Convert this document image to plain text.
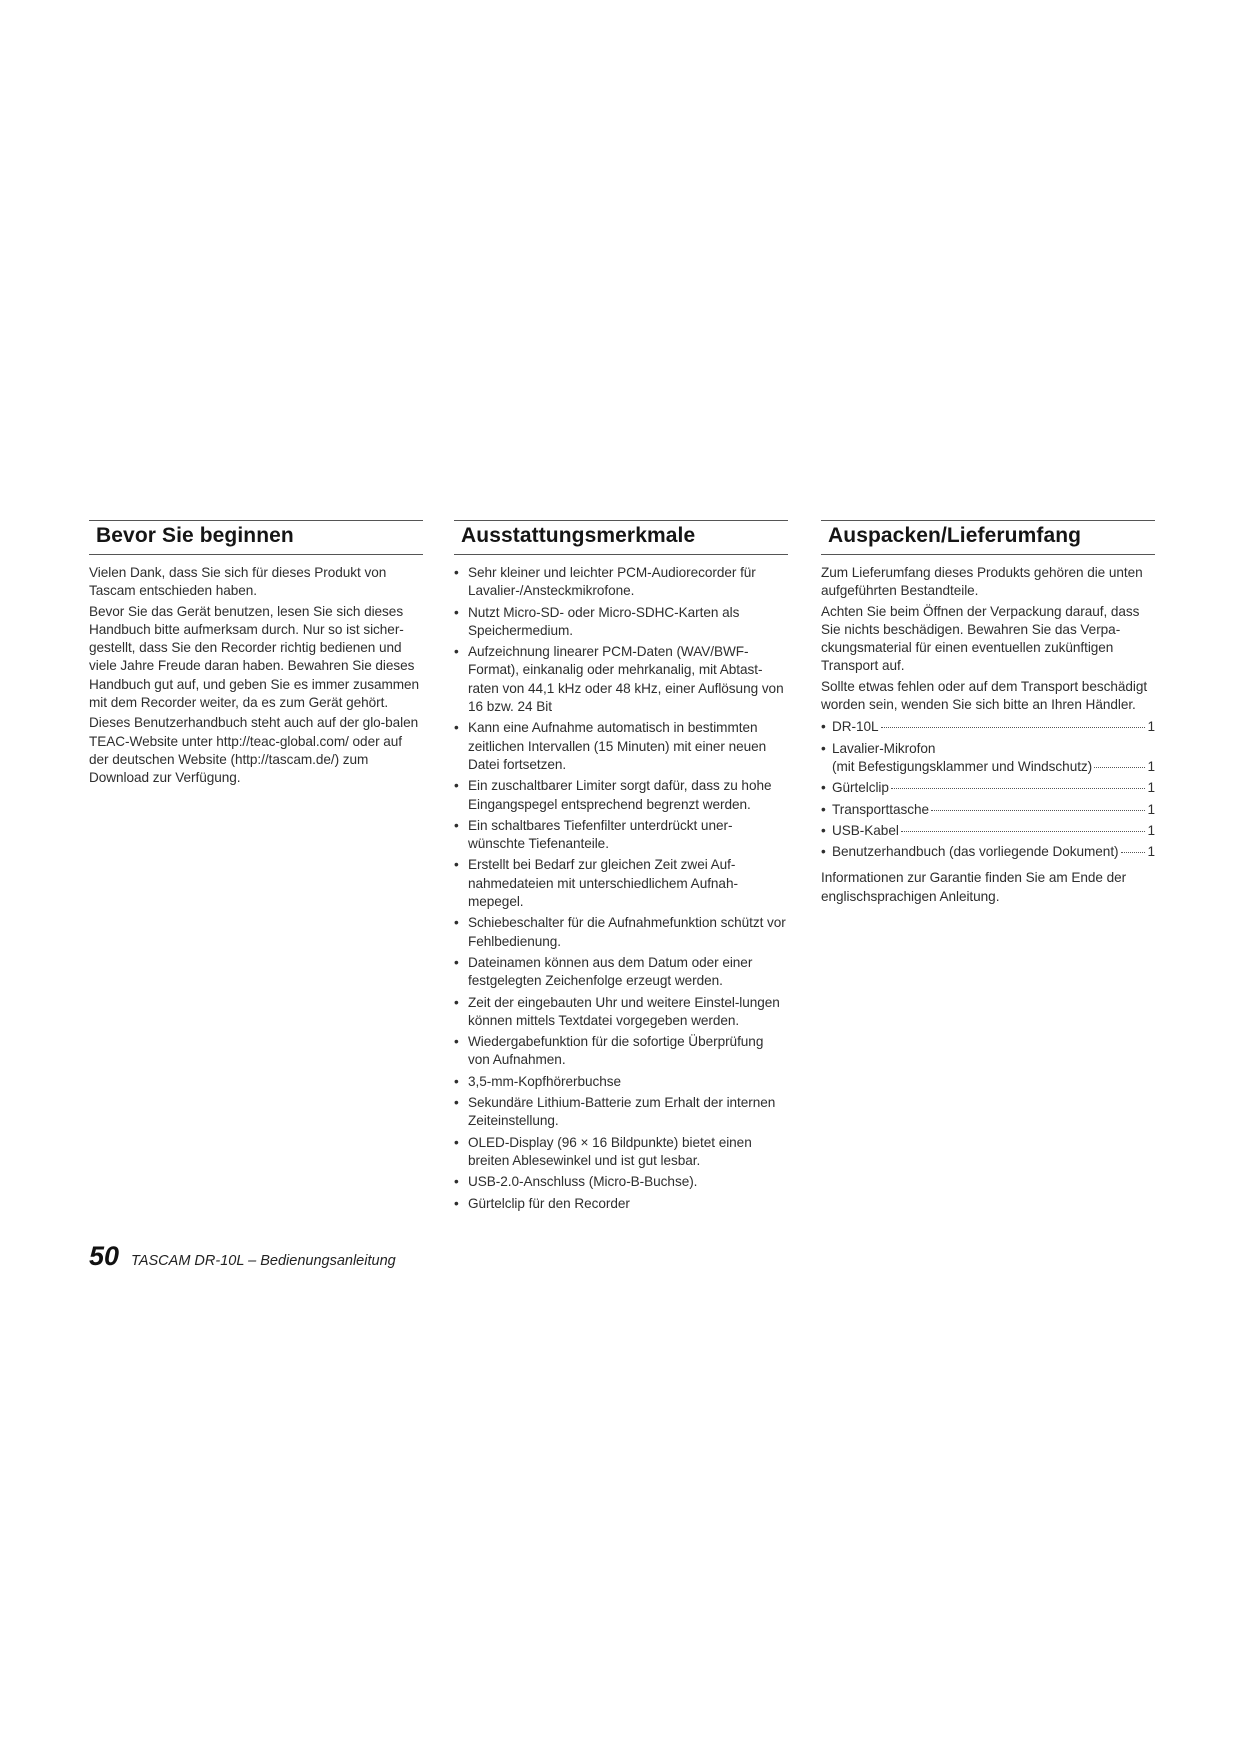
Bevor Sie beginnen

Vielen Dank, dass Sie sich für dieses Produkt von Tascam entschieden haben.

Bevor Sie das Gerät benutzen, lesen Sie sich dieses Handbuch bitte aufmerksam durch. Nur so ist sicher-gestellt, dass Sie den Recorder richtig bedienen und viele Jahre Freude daran haben. Bewahren Sie dieses Handbuch gut auf, und geben Sie es immer zusammen mit dem Recorder weiter, da es zum Gerät gehört.

Dieses Benutzerhandbuch steht auch auf der glo-balen TEAC-Website unter http://teac-global.com/ oder auf der deutschen Website (http://tascam.de/) zum Download zur Verfügung.

Ausstattungsmerkmale
• Sehr kleiner und leichter PCM-Audiorecorder für Lavalier-/Ansteckmikrofone.
• Nutzt Micro-SD- oder Micro-SDHC-Karten als Speichermedium.
• Aufzeichnung linearer PCM-Daten (WAV/BWF-Format), einkanalig oder mehrkanalig, mit Abtast-raten von 44,1 kHz oder 48 kHz, einer Auflösung von 16 bzw. 24 Bit
• Kann eine Aufnahme automatisch in bestimmten zeitlichen Intervallen (15 Minuten) mit einer neuen Datei fortsetzen.
• Ein zuschaltbarer Limiter sorgt dafür, dass zu hohe Eingangspegel entsprechend begrenzt werden.
• Ein schaltbares Tiefenfilter unterdrückt uner-wünschte Tiefenanteile.
• Erstellt bei Bedarf zur gleichen Zeit zwei Auf-nahmedateien mit unterschiedlichem Aufnah-mepegel.
• Schiebeschalter für die Aufnahmefunktion schützt vor Fehlbedienung.
• Dateinamen können aus dem Datum oder einer festgelegten Zeichenfolge erzeugt werden.
• Zeit der eingebauten Uhr und weitere Einstel-lungen können mittels Textdatei vorgegeben werden.
• Wiedergabefunktion für die sofortige Überprüfung von Aufnahmen.
• 3,5-mm-Kopfhörerbuchse
• Sekundäre Lithium-Batterie zum Erhalt der internen Zeiteinstellung.
• OLED-Display (96 × 16 Bildpunkte) bietet einen breiten Ablesewinkel und ist gut lesbar.
• USB-2.0-Anschluss (Micro-B-Buchse).
• Gürtelclip für den Recorder
Auspacken/Lieferumfang

Zum Lieferumfang dieses Produkts gehören die unten aufgeführten Bestandteile.

Achten Sie beim Öffnen der Verpackung darauf, dass Sie nichts beschädigen. Bewahren Sie das Verpa-ckungsmaterial für einen eventuellen zukünftigen Transport auf.

Sollte etwas fehlen oder auf dem Transport beschädigt worden sein, wenden Sie sich bitte an Ihren Händler.

• DR-10L	1
• Lavalier-Mikrofon
(mit Befestigungsklammer und Windschutz)	1
• Gürtelclip	1
• Transporttasche	1
• USB-Kabel	1
• Benutzerhandbuch (das vorliegende Dokument) 1

Informationen zur Garantie finden Sie am Ende der englischsprachigen Anleitung.

50 TASCAM DR-10L – Bedienungsanleitung
